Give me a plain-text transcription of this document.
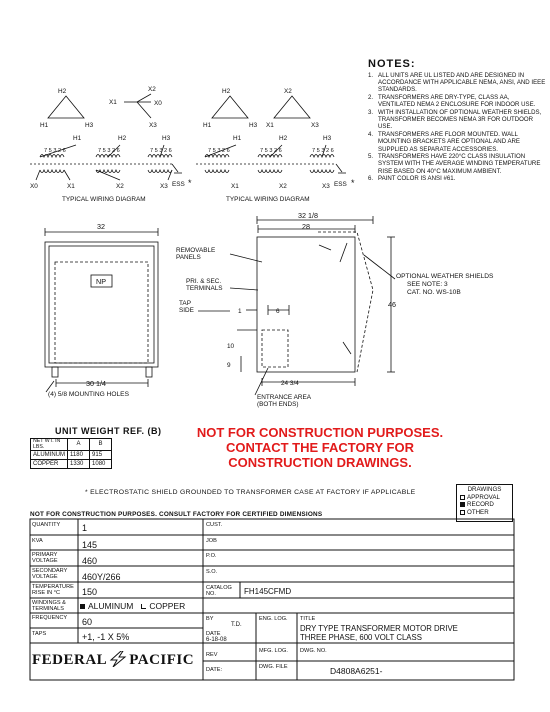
NOTES:
1. ALL UNITS ARE UL LISTED AND ARE DESIGNED IN ACCORDANCE WITH APPLICABLE NEMA, ANSI, AND IEEE STANDARDS.
2. TRANSFORMERS ARE DRY-TYPE, CLASS AA, VENTILATED NEMA 2 ENCLOSURE FOR INDOOR USE.
3. WITH INSTALLATION OF OPTIONAL WEATHER SHIELDS, TRANSFORMER BECOMES NEMA 3R FOR OUTDOOR USE.
4. TRANSFORMERS ARE FLOOR MOUNTED. WALL MOUNTING BRACKETS ARE OPTIONAL AND ARE SUPPLIED AS SEPARATE ACCESSORIES.
5. TRANSFORMERS HAVE 220°C CLASS INSULATION SYSTEM WITH THE AVERAGE WINDING TEMPERATURE RISE BASED ON 40°C MAXIMUM AMBIENT.
6. PAINT COLOR IS ANSI #61.
H2
H1	H3
X2
X1	X0
X3
H1	H2	H3
7 5 3 2 6	7 5 3 2 6	7 5 3 2 6
X0	X1	X2	X3 ESS *
TYPICAL WIRING DIAGRAM
H2
H1	H3
X2
X1	X3
H1	H2	H3
7 5 3 2 6	7 5 3 2 6	7 5 3 2 6
X1	X2	X3 ESS *
TYPICAL WIRING DIAGRAM
32
NP
30 1/4
(4) 5/8 MOUNTING HOLES
32 1/8
28
46
1	6
10
9
24 3/4
REMOVABLE PANELS
PRI. & SEC. TERMINALS
TAP SIDE
ENTRANCE AREA (BOTH ENDS)
OPTIONAL WEATHER SHIELDS
SEE NOTE: 3
CAT. NO. WS-10B
UNIT WEIGHT REF. (B)
NET WT. IN LBS.	A	B
ALUMINUM	1180	915
COPPER	1330	1080
NOT FOR CONSTRUCTION PURPOSES.
CONTACT THE FACTORY FOR
CONSTRUCTION DRAWINGS.
* ELECTROSTATIC SHIELD GROUNDED TO TRANSFORMER CASE AT FACTORY IF APPLICABLE
NOT FOR CONSTRUCTION PURPOSES. CONSULT FACTORY FOR CERTIFIED DIMENSIONS
DRAWINGS
APPROVAL
RECORD
OTHER
QUANTITY 1
KVA	145
PRIMARY VOLTAGE	460
SECONDARY VOLTAGE	460Y/266
TEMPERATURE RISE IN °C	150
WINDINGS & TERMINALS	ALUMINUM COPPER
FREQUENCY 60
TAPS	+1, -1 X 5%
CUST.
JOB
P.O.
S.O.
CATALOG NO.	FH145CFMD
BY
T.D.
DATE
6-18-08
REV
DATE:
ENG. LOG.
MFG. LOG.
DWG. FILE
TITLE
DRY TYPE TRANSFORMER MOTOR DRIVE
THREE PHASE, 600 VOLT CLASS
DWG. NO.
D4808A6251-
FEDERAL PACIFIC
